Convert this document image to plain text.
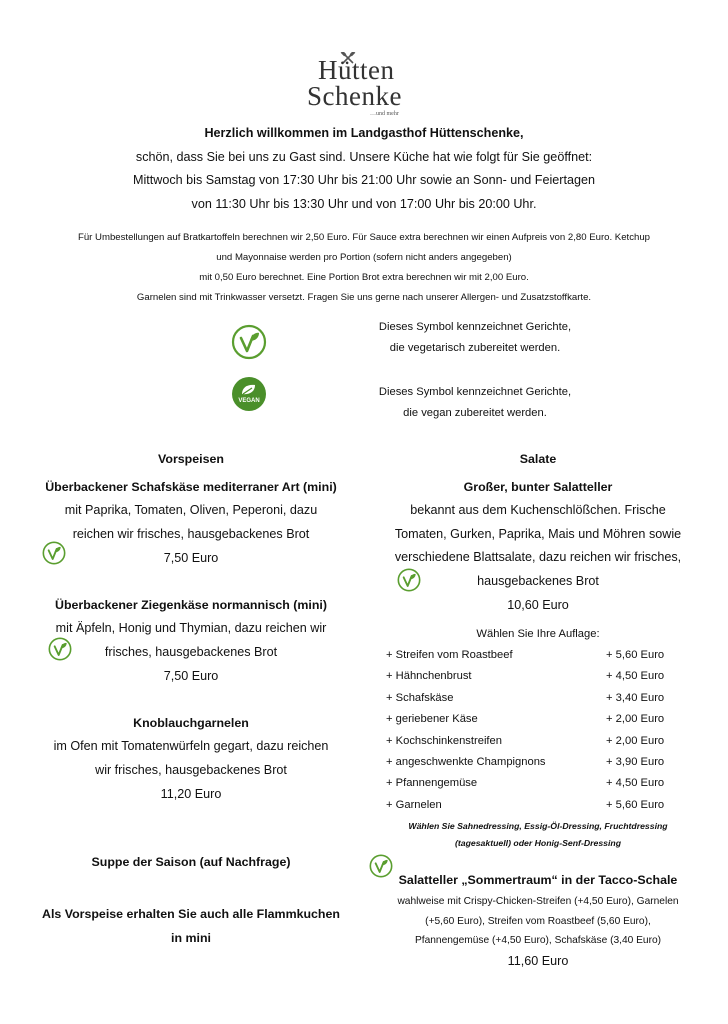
Hütten
Schenke
…und mehr
Herzlich willkommen im Landgasthof Hüttenschenke,
schön, dass Sie bei uns zu Gast sind. Unsere Küche hat wie folgt für Sie geöffnet:
Mittwoch bis Samstag von 17:30 Uhr bis 21:00 Uhr sowie an Sonn- und Feiertagen
von 11:30 Uhr bis 13:30 Uhr und von 17:00 Uhr bis 20:00 Uhr.
Für Umbestellungen auf Bratkartoffeln berechnen wir 2,50 Euro. Für Sauce extra berechnen wir einen Aufpreis von 2,80 Euro. Ketchup
und Mayonnaise werden pro Portion (sofern nicht anders angegeben)
mit 0,50 Euro berechnet. Eine Portion Brot extra berechnen wir mit 2,00 Euro.
Garnelen sind mit Trinkwasser versetzt. Fragen Sie uns gerne nach unserer Allergen- und Zusatzstoffkarte.
Dieses Symbol kennzeichnet Gerichte,
die vegetarisch zubereitet werden.
VEGAN
Dieses Symbol kennzeichnet Gerichte,
die vegan zubereitet werden.
Vorspeisen
Überbackener Schafskäse mediterraner Art (mini)
mit Paprika, Tomaten, Oliven, Peperoni, dazu
reichen wir frisches, hausgebackenes Brot
7,50 Euro
Überbackener Ziegenkäse normannisch (mini)
mit Äpfeln, Honig und Thymian, dazu reichen wir
frisches, hausgebackenes Brot
7,50 Euro
Knoblauchgarnelen
im Ofen mit Tomatenwürfeln gegart, dazu reichen
wir frisches, hausgebackenes Brot
11,20 Euro
Suppe der Saison (auf Nachfrage)
Als Vorspeise erhalten Sie auch alle Flammkuchen
in mini
Salate
Großer, bunter Salatteller
bekannt aus dem Kuchenschlößchen. Frische
Tomaten, Gurken, Paprika, Mais und Möhren sowie
verschiedene Blattsalate, dazu reichen wir frisches,
hausgebackenes Brot
10,60 Euro
Wählen Sie Ihre Auflage:
+ Streifen vom Roastbeef	+ 5,60 Euro
+ Hähnchenbrust	+ 4,50 Euro
+ Schafskäse	+ 3,40 Euro
+ geriebener Käse	+ 2,00 Euro
+ Kochschinkenstreifen	+ 2,00 Euro
+ angeschwenkte Champignons	+ 3,90 Euro
+ Pfannengemüse	+ 4,50 Euro
+ Garnelen	+ 5,60 Euro
Wählen Sie Sahnedressing, Essig-Öl-Dressing, Fruchtdressing
(tagesaktuell) oder Honig-Senf-Dressing
Salatteller „Sommertraum“ in der Tacco-Schale
wahlweise mit Crispy-Chicken-Streifen (+4,50 Euro), Garnelen
(+5,60 Euro), Streifen vom Roastbeef (5,60 Euro),
Pfannengemüse (+4,50 Euro), Schafskäse (3,40 Euro)
11,60 Euro
